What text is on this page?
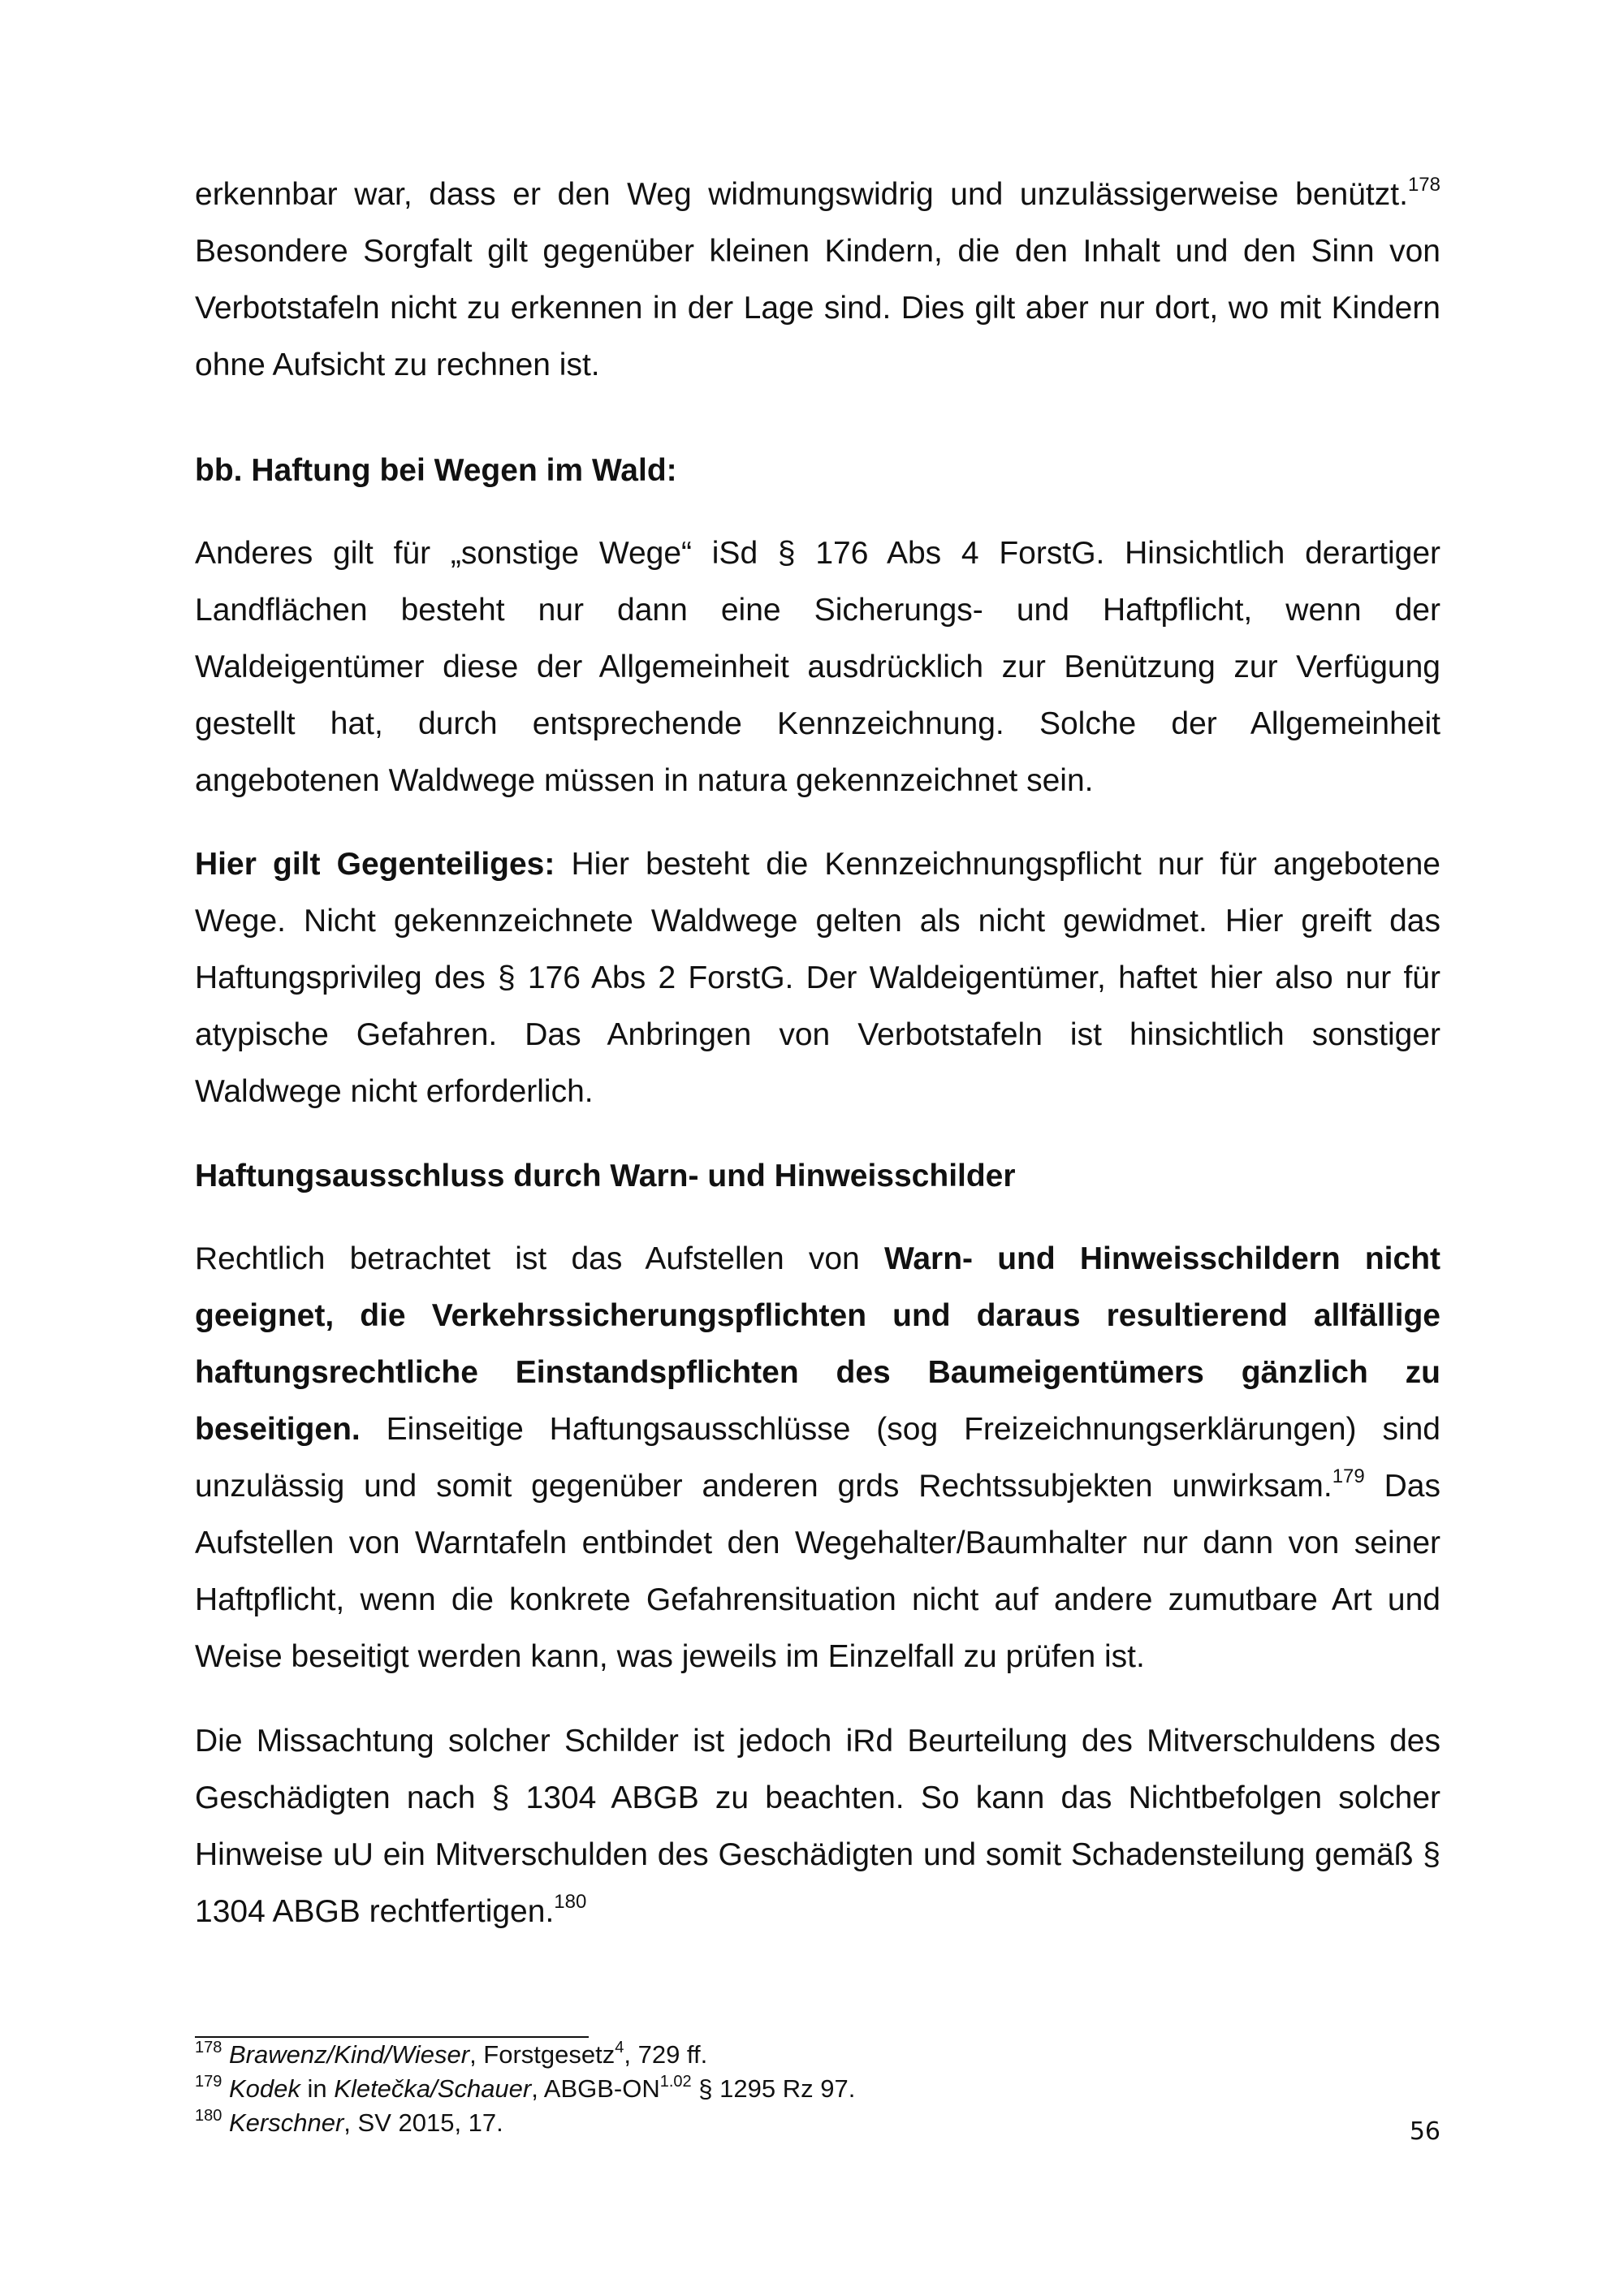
erkennbar war, dass er den Weg widmungswidrig und unzulässigerweise benützt.$^{178}$

Besondere Sorgfalt gilt gegenüber kleinen Kindern, die den Inhalt und den Sinn von Verbotstafeln nicht zu erkennen in der Lage sind. Dies gilt aber nur dort, wo mit Kindern ohne Aufsicht zu rechnen ist.

bb. Haftung bei Wegen im Wald:

Anderes gilt für „sonstige Wege“ iSd § 176 Abs 4 ForstG. Hinsichtlich derartiger Landflächen besteht nur dann eine Sicherungs- und Haftpflicht, wenn der Waldeigentümer diese der Allgemeinheit ausdrücklich zur Benützung zur Verfügung gestellt hat, durch entsprechende Kennzeichnung. Solche der Allgemeinheit angebotenen Waldwege müssen in natura gekennzeichnet sein.

Hier gilt Gegenteiliges: Hier besteht die Kennzeichnungspflicht nur für angebotene Wege. Nicht gekennzeichnete Waldwege gelten als nicht gewidmet. Hier greift das Haftungsprivileg des § 176 Abs 2 ForstG. Der Waldeigentümer, haftet hier also nur für atypische Gefahren. Das Anbringen von Verbotstafeln ist hinsichtlich sonstiger Waldwege nicht erforderlich.

Haftungsausschluss durch Warn- und Hinweisschilder

Rechtlich betrachtet ist das Aufstellen von Warn- und Hinweisschildern nicht geeignet, die Verkehrssicherungspflichten und daraus resultierend allfällige haftungsrechtliche Einstandspflichten des Baumeigentümers gänzlich zu beseitigen. Einseitige Haftungsausschlüsse (sog Freizeichnungserklärungen) sind unzulässig und somit gegenüber anderen grds Rechtssubjekten unwirksam.$^{179}$ Das Aufstellen von Warntafeln entbindet den Wegehalter/Baumhalter nur dann von seiner Haftpflicht, wenn die konkrete Gefahrensituation nicht auf andere zumutbare Art und Weise beseitigt werden kann, was jeweils im Einzelfall zu prüfen ist.

Die Missachtung solcher Schilder ist jedoch iRd Beurteilung des Mitverschuldens des Geschädigten nach § 1304 ABGB zu beachten. So kann das Nichtbefolgen solcher Hinweise uU ein Mitverschulden des Geschädigten und somit Schadensteilung gemäß § 1304 ABGB rechtfertigen.$^{180}$

$^{178}$ Brawenz/Kind/Wieser, Forstgesetz$^4$, 729 ff.

$^{179}$ Kodek in Kletečka/Schauer, ABGB-$ON^{1.02}$ § 1295 Rz 97.

$^{180}$ Kerschner, SV 2015, 17.	56
